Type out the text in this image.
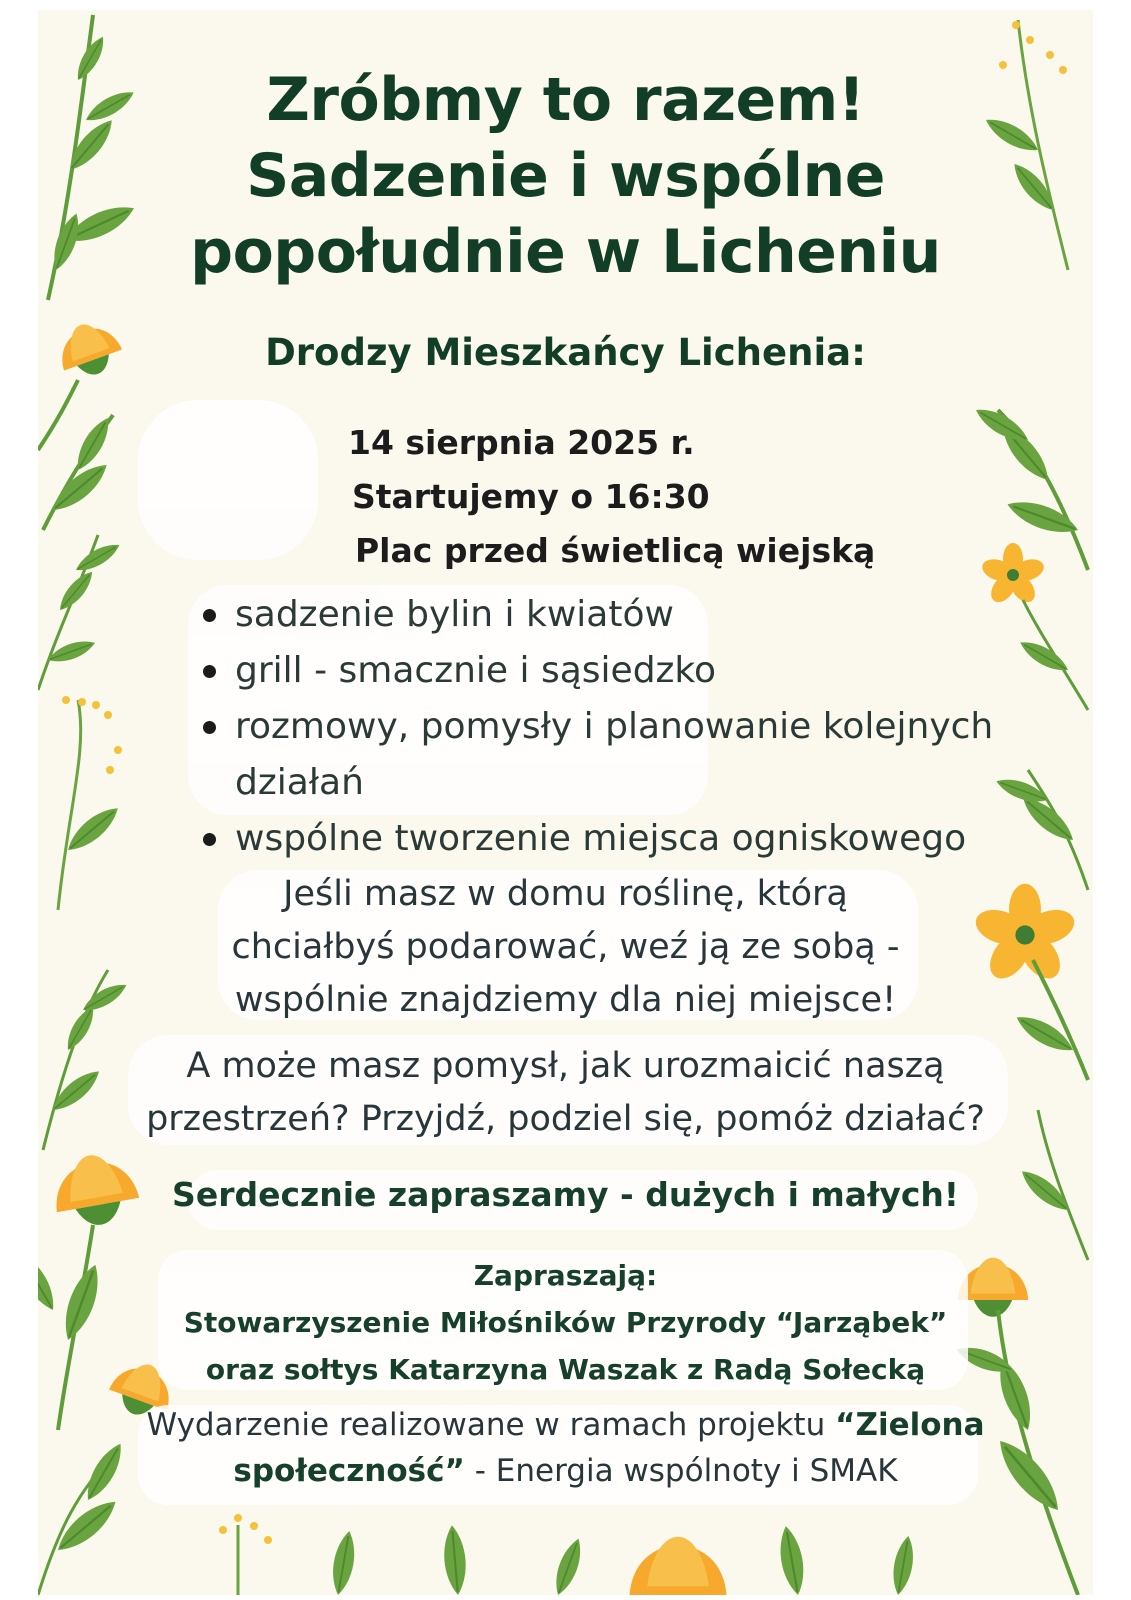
Zróbmy to razem!
Sadzenie i wspólne
popołudnie w Licheniu
Drodzy Mieszkańcy Lichenia:
14 sierpnia 2025 r.
Startujemy o 16:30
Plac przed świetlicą wiejską
sadzenie bylin i kwiatów
grill - smacznie i sąsiedzko
rozmowy, pomysły i planowanie kolejnych działań
wspólne tworzenie miejsca ogniskowego
Jeśli masz w domu roślinę, którą
chciałbyś podarować, weź ją ze sobą -
wspólnie znajdziemy dla niej miejsce!
A może masz pomysł, jak urozmaicić naszą
przestrzeń? Przyjdź, podziel się, pomóż działać?
Serdecznie zapraszamy - dużych i małych!
Zapraszają:
Stowarzyszenie Miłośników Przyrody “Jarząbek”
oraz sołtys Katarzyna Waszak z Radą Sołecką
Wydarzenie realizowane w ramach projektu “Zielona
społeczność” - Energia wspólnoty i SMAK
